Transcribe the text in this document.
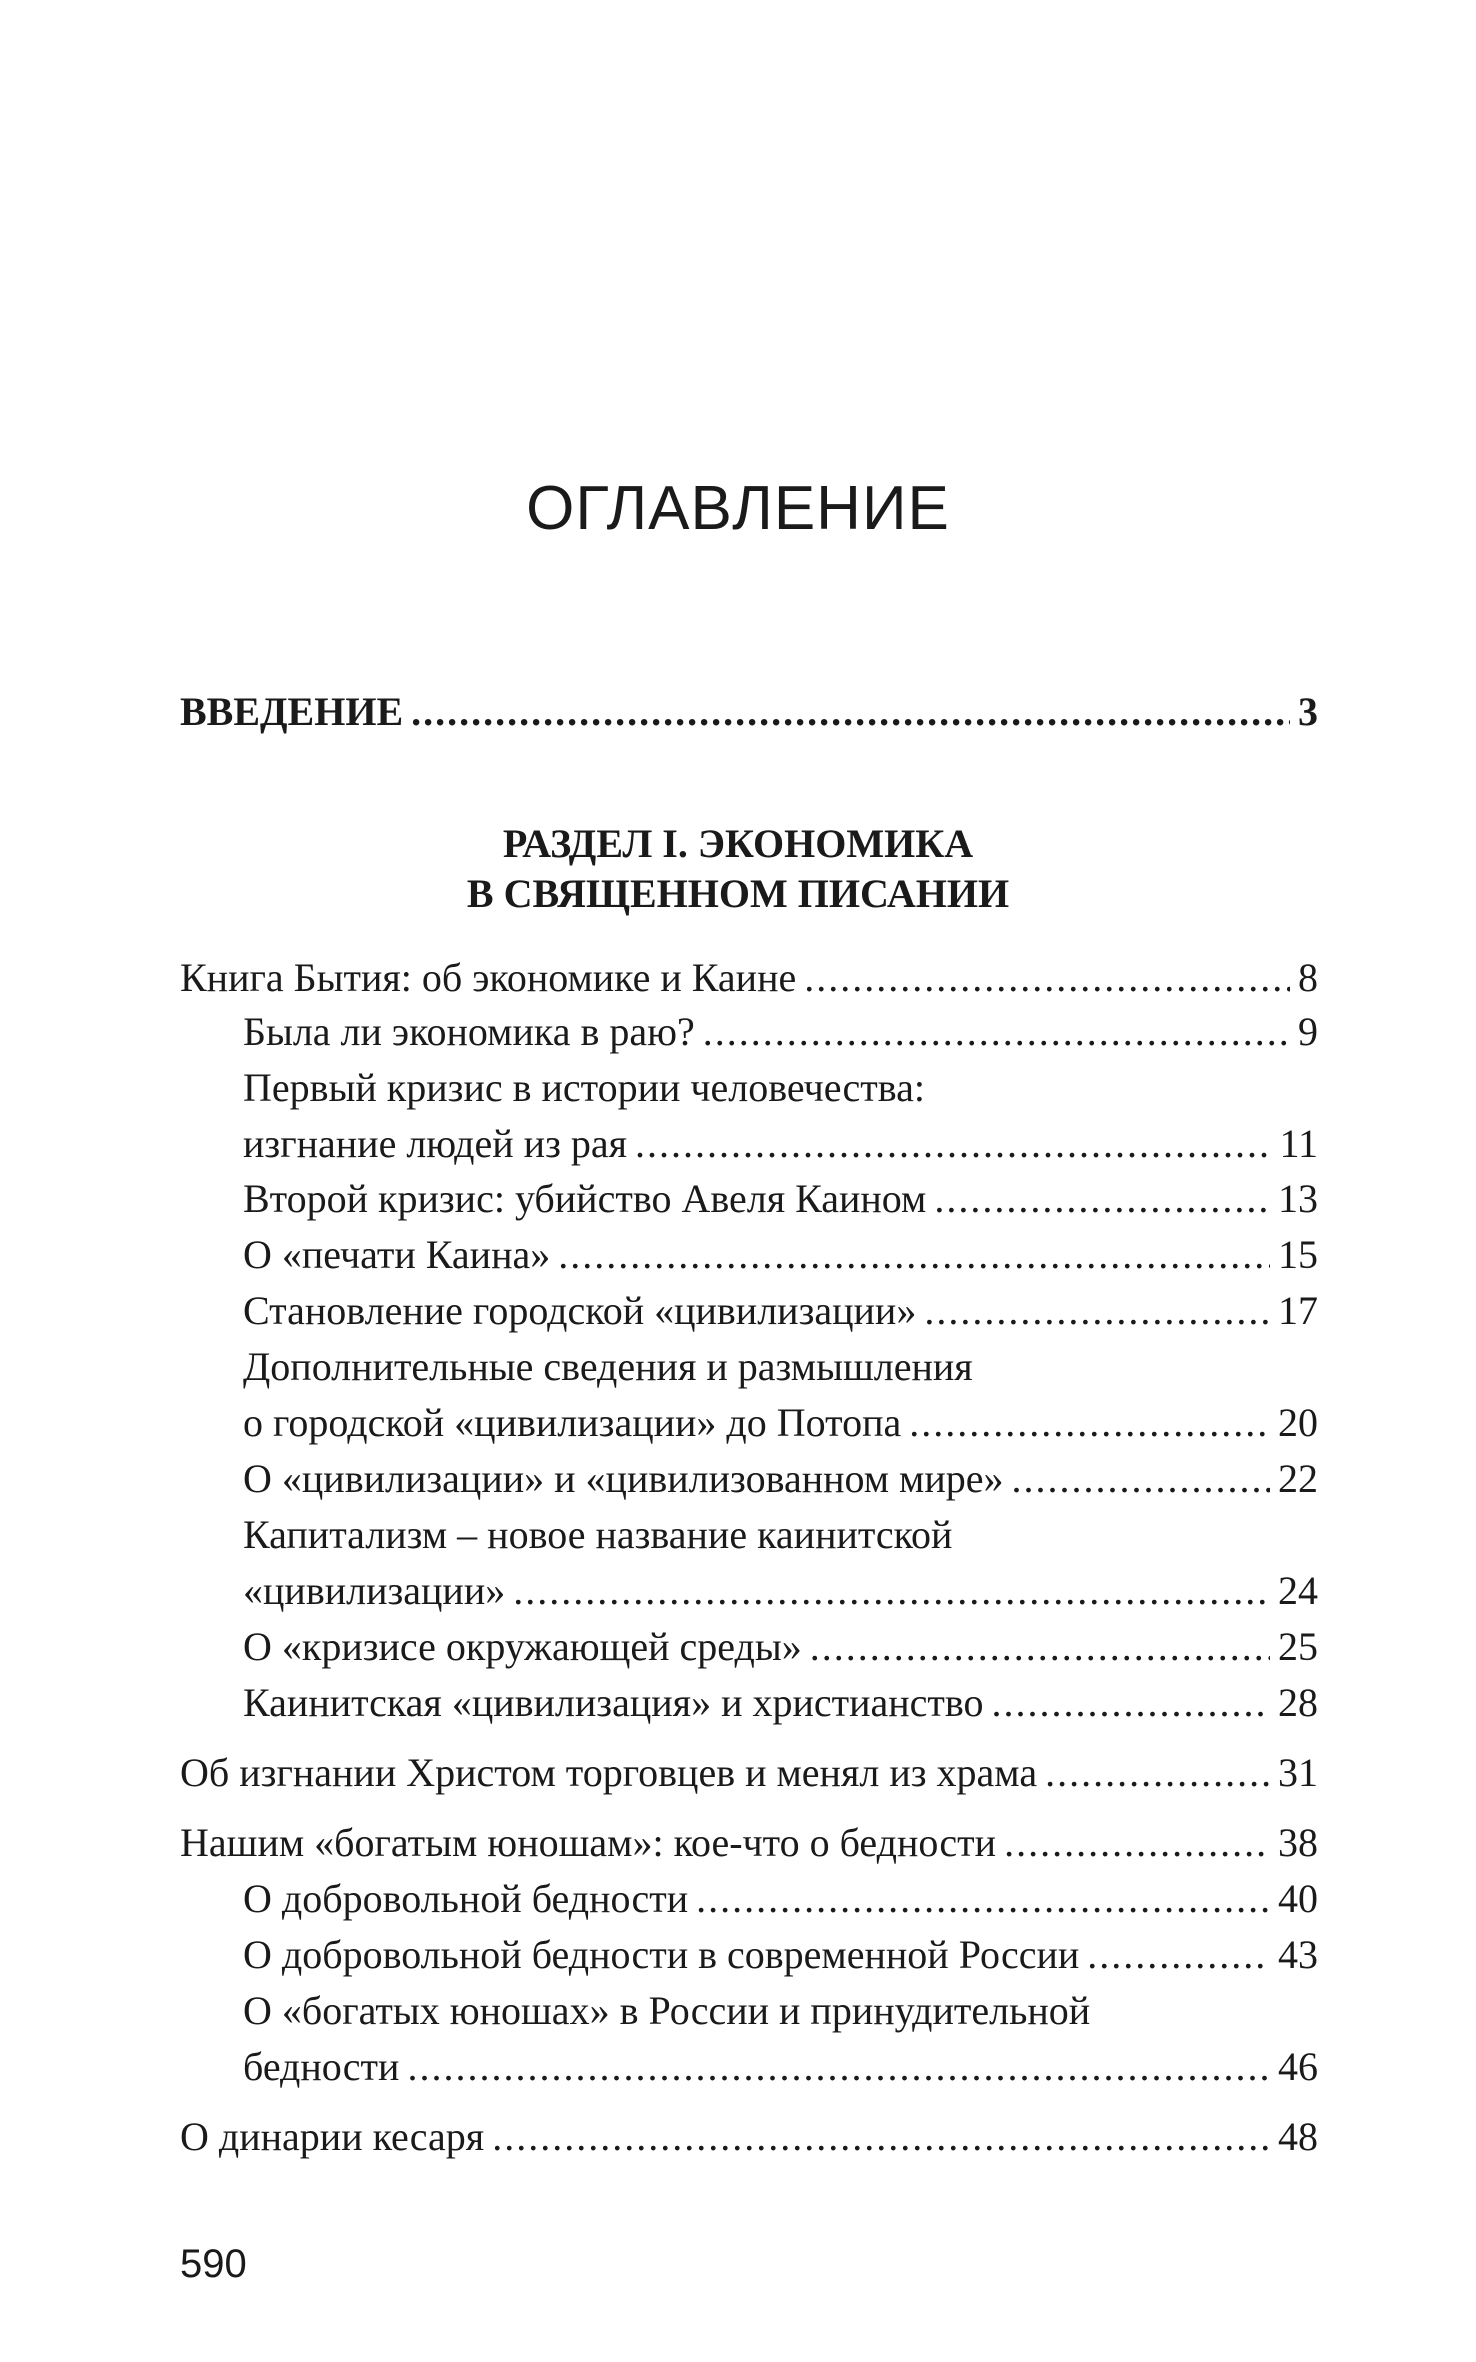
ОГЛАВЛЕНИЕ
ВВЕДЕНИЕ .....	3
РАЗДЕЛ I. ЭКОНОМИКА
В СВЯЩЕННОМ ПИСАНИИ
Книга Бытия: об экономике и Каине .....	8
Была ли экономика в раю? .....	9
Первый кризис в истории человечества:
изгнание людей из рая .....	11
Второй кризис: убийство Авеля Каином .....	13
О «печати Каина» .....	15
Становление городской «цивилизации» .....	17
Дополнительные сведения и размышления
о городской «цивилизации» до Потопа .....	20
О «цивилизации» и «цивилизованном мире» .....	22
Капитализм – новое название каинитской
«цивилизации» .....	24
О «кризисе окружающей среды» .....	25
Каинитская «цивилизация» и христианство .....	28
Об изгнании Христом торговцев и менял из храма .....	31
Нашим «богатым юношам»: кое-что о бедности .....	38
О добровольной бедности .....	40
О добровольной бедности в современной России .....	43
О «богатых юношах» в России и принудительной
бедности .....	46
О динарии кесаря .....	48
590
